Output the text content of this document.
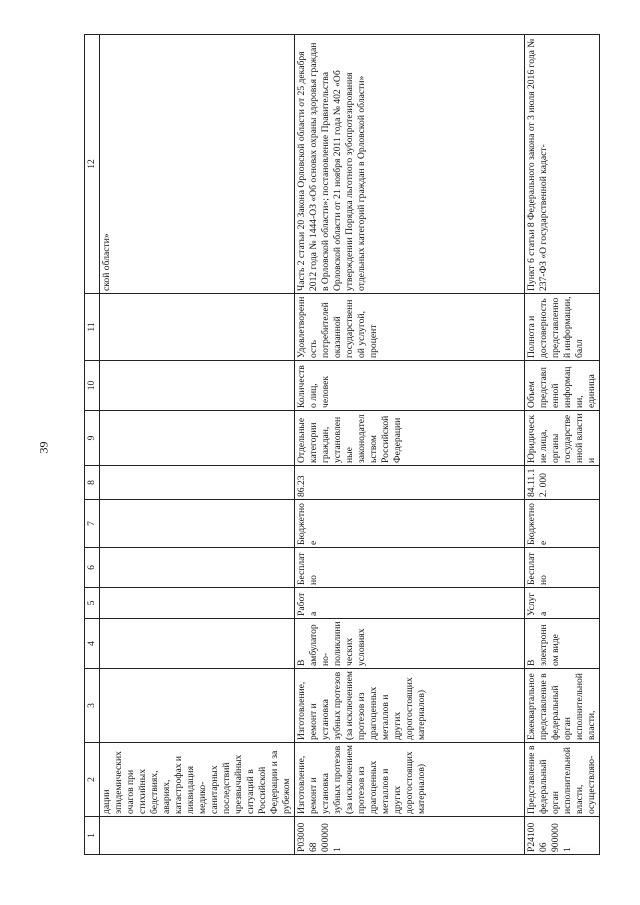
39
1	2	3	4	5	6	7	8	9	10	11	12
	дации эпидемических очагов при стихийных бедствиях, авариях, катастрофах и ликвидация медико-санитарных последствий чрезвычайных ситуаций в Российской Федерации и за рубежом										ской области»
Р0300068 0000001	Изготовление, ремонт и установка зубных протезов (за исключением протезов из драгоценных металлов и других дорогостоящих материалов)	Изготовление, ремонт и установка зубных протезов (за исключением протезов из драгоценных металлов и других дорогостоящих материалов)	В амбулаторно-поликлинических условиях	Работа	Бесплатно	Бюджетное	86.23	Отдельные категории граждан, установленные законодательством Российской Федерации	Количество лиц, человек	Удовлетворенность потребителей оказанной государственной услугой, процент	Часть 2 статьи 20 Закона Орловской области от 25 декабря 2012 года № 1444-ОЗ «Об основах охраны здоровья граждан в Орловской области»; постановление Правительства Орловской области от 21 ноября 2011 года № 402 «Об утверждении Порядка льготного зубопротезирования отдельных категорий граждан в Орловской области»
Р2410006 9000001	Представление в федеральный орган исполнительной власти, осуществляю-	Ежеквартальное представление в федеральный орган исполнительной власти,	В электронном виде	Услуга	Бесплатно	Бюджетное	84.11.12. 000	Юридические лица, органы государственной власти и	Объем представленной информации, единица	Полнота и достоверность представленной информации, балл	Пункт 6 статьи 8 Федерального закона от 3 июля 2016 года № 237-ФЗ «О государственной кадаст-
